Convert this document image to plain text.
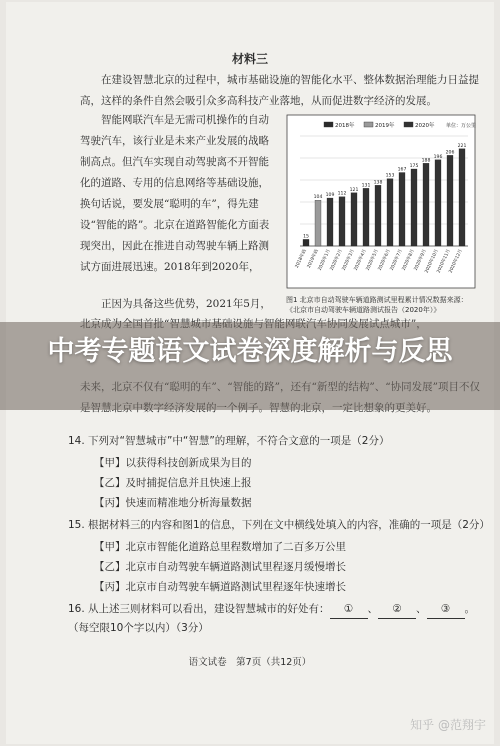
材料三

在建设智慧北京的过程中，城市基础设施的智能化水平、整体数据治理能力日益提高，这样的条件自然会吸引众多高科技产业落地，从而促进数字经济的发展。

智能网联汽车是无需司机操作的自动驾驶汽车，该行业是未来产业发展的战略制高点。但汽车实现自动驾驶离不开智能化的道路、专用的信息网络等基础设施，换句话说，要发展“聪明的车”，得先建设“智能的路”。北京在道路智能化方面表现突出，因此在推进自动驾驶车辆上路测试方面进展迅速。2018年到2020年，

2018年	2019年	2020年 单位：万公里
15
2018年底
104
2019年底
109
2020年1月
112
2020年2月
121
2020年3月
131
2020年4月
138
2020年5月
153
2020年6月
167
2020年7月
175
2020年8月
188
2020年9月
196
2020年10月
206
2020年11月
221
2020年12月
图1 北京市自动驾驶车辆道路测试里程累计情况数据来源：《北京市自动驾驶车辆道路测试报告（2020年）》

正因为具备这些优势，2021年5月，

14. 下列对“智慧城市”中“智慧”的理解，不符合文意的一项是（2分）
【甲】以获得科技创新成果为目的
【乙】及时捕捉信息并且快速上报
【丙】快速而精准地分析海量数据
15. 根据材料三的内容和图1的信息，下列在文中横线处填入的内容，准确的一项是（2分）
【甲】北京市智能化道路总里程数增加了二百多万公里
【乙】北京市自动驾驶车辆道路测试里程逐月缓慢增长
【丙】北京市自动驾驶车辆道路测试里程逐年快速增长
16. 从上述三则材料可以看出，建设智慧城市的好处有： ① 、 ② 、 ③ 。（每空限10个字以内）（3分）
语文试卷　第7页（共12页）
中考专题语文试卷深度解析与反思
知乎 @范翔宇
